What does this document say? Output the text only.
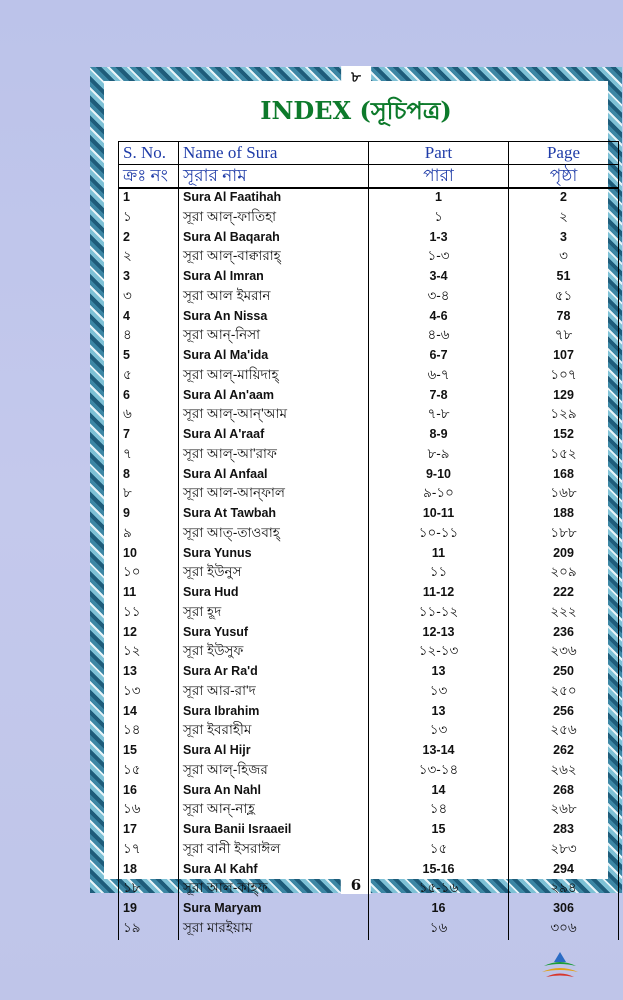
৮
6
INDEX (সূচিপত্র)
S. No.	Name of Sura	Part	Page
ক্রঃ নং	সূরার নাম	পারা	পৃষ্ঠা
1	Sura Al Faatihah	1	2
১	সূরা আল্-ফাতিহা	১	২
2	Sura Al Baqarah	1-3	3
২	সূরা আল্-বাক্বারাহ্	১-৩	৩
3	Sura Al Imran	3-4	51
৩	সূরা আল ইমরান	৩-৪	৫১
4	Sura An Nissa	4-6	78
৪	সূরা আন্-নিসা	৪-৬	৭৮
5	Sura Al Ma'ida	6-7	107
৫	সূরা আল্-মায়িদাহ্	৬-৭	১০৭
6	Sura Al An'aam	7-8	129
৬	সূরা আল্-আন্'আম	৭-৮	১২৯
7	Sura Al A'raaf	8-9	152
৭	সূরা আল্-আ'রাফ	৮-৯	১৫২
8	Sura Al Anfaal	9-10	168
৮	সূরা আল-আন্ফাল	৯-১০	১৬৮
9	Sura At Tawbah	10-11	188
৯	সূরা আত্-তাওবাহ্	১০-১১	১৮৮
10	Sura Yunus	11	209
১০	সূরা ইউনুস	১১	২০৯
11	Sura Hud	11-12	222
১১	সূরা হূদ	১১-১২	২২২
12	Sura Yusuf	12-13	236
১২	সূরা ইউসুফ	১২-১৩	২৩৬
13	Sura Ar Ra'd	13	250
১৩	সূরা আর-রা'দ	১৩	২৫০
14	Sura Ibrahim	13	256
১৪	সূরা ইবরাহীম	১৩	২৫৬
15	Sura Al Hijr	13-14	262
১৫	সূরা আল্-হিজর	১৩-১৪	২৬২
16	Sura An Nahl	14	268
১৬	সূরা আন্-নাহ্ল	১৪	২৬৮
17	Sura Banii Israaeil	15	283
১৭	সূরা বানী ইসরাঈল	১৫	২৮৩
18	Sura Al Kahf	15-16	294
১৮	সূরা আল-কাহ্ফ	১৫-১৬	২৯৪
19	Sura Maryam	16	306
১৯	সূরা মারইয়াম	১৬	৩০৬
